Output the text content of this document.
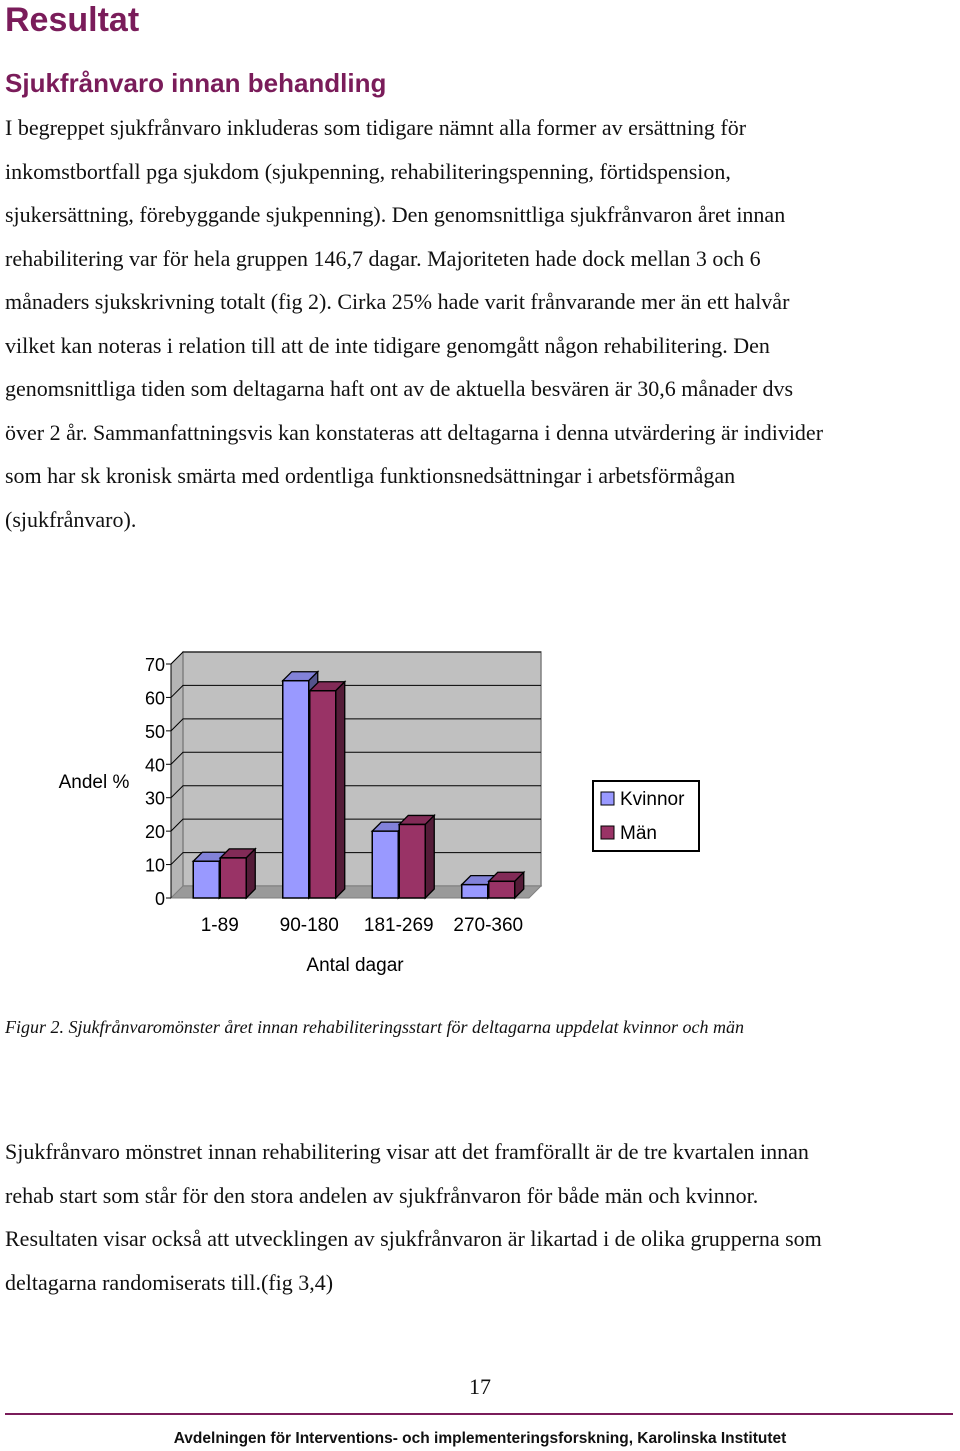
Resultat
Sjukfrånvaro innan behandling
I begreppet sjukfrånvaro inkluderas som tidigare nämnt alla former av ersättning för
inkomstbortfall pga sjukdom (sjukpenning, rehabiliteringspenning, förtidspension,
sjukersättning, förebyggande sjukpenning). Den genomsnittliga sjukfrånvaron året innan
rehabilitering var för hela gruppen 146,7 dagar. Majoriteten hade dock mellan 3 och 6
månaders sjukskrivning totalt (fig 2). Cirka 25% hade varit frånvarande mer än ett halvår
vilket kan noteras i relation till att de inte tidigare genomgått någon rehabilitering. Den
genomsnittliga tiden som deltagarna haft ont av de aktuella besvären är 30,6 månader dvs
över 2 år. Sammanfattningsvis kan konstateras att deltagarna i denna utvärdering är individer
som har sk kronisk smärta med ordentliga funktionsnedsättningar i arbetsförmågan
(sjukfrånvaro).
0
10
20
30
40
50
60
70
1-89 90-180 181-269 270-360
Antal dagar
Andel %
Kvinnor
Män
Figur 2. Sjukfrånvaromönster året innan rehabiliteringsstart för deltagarna uppdelat kvinnor och män
Sjukfrånvaro mönstret innan rehabilitering visar att det framförallt är de tre kvartalen innan
rehab start som står för den stora andelen av sjukfrånvaron för både män och kvinnor.
Resultaten visar också att utvecklingen av sjukfrånvaron är likartad i de olika grupperna som
deltagarna randomiserats till.(fig 3,4)
17
Avdelningen för Interventions- och implementeringsforskning, Karolinska Institutet
